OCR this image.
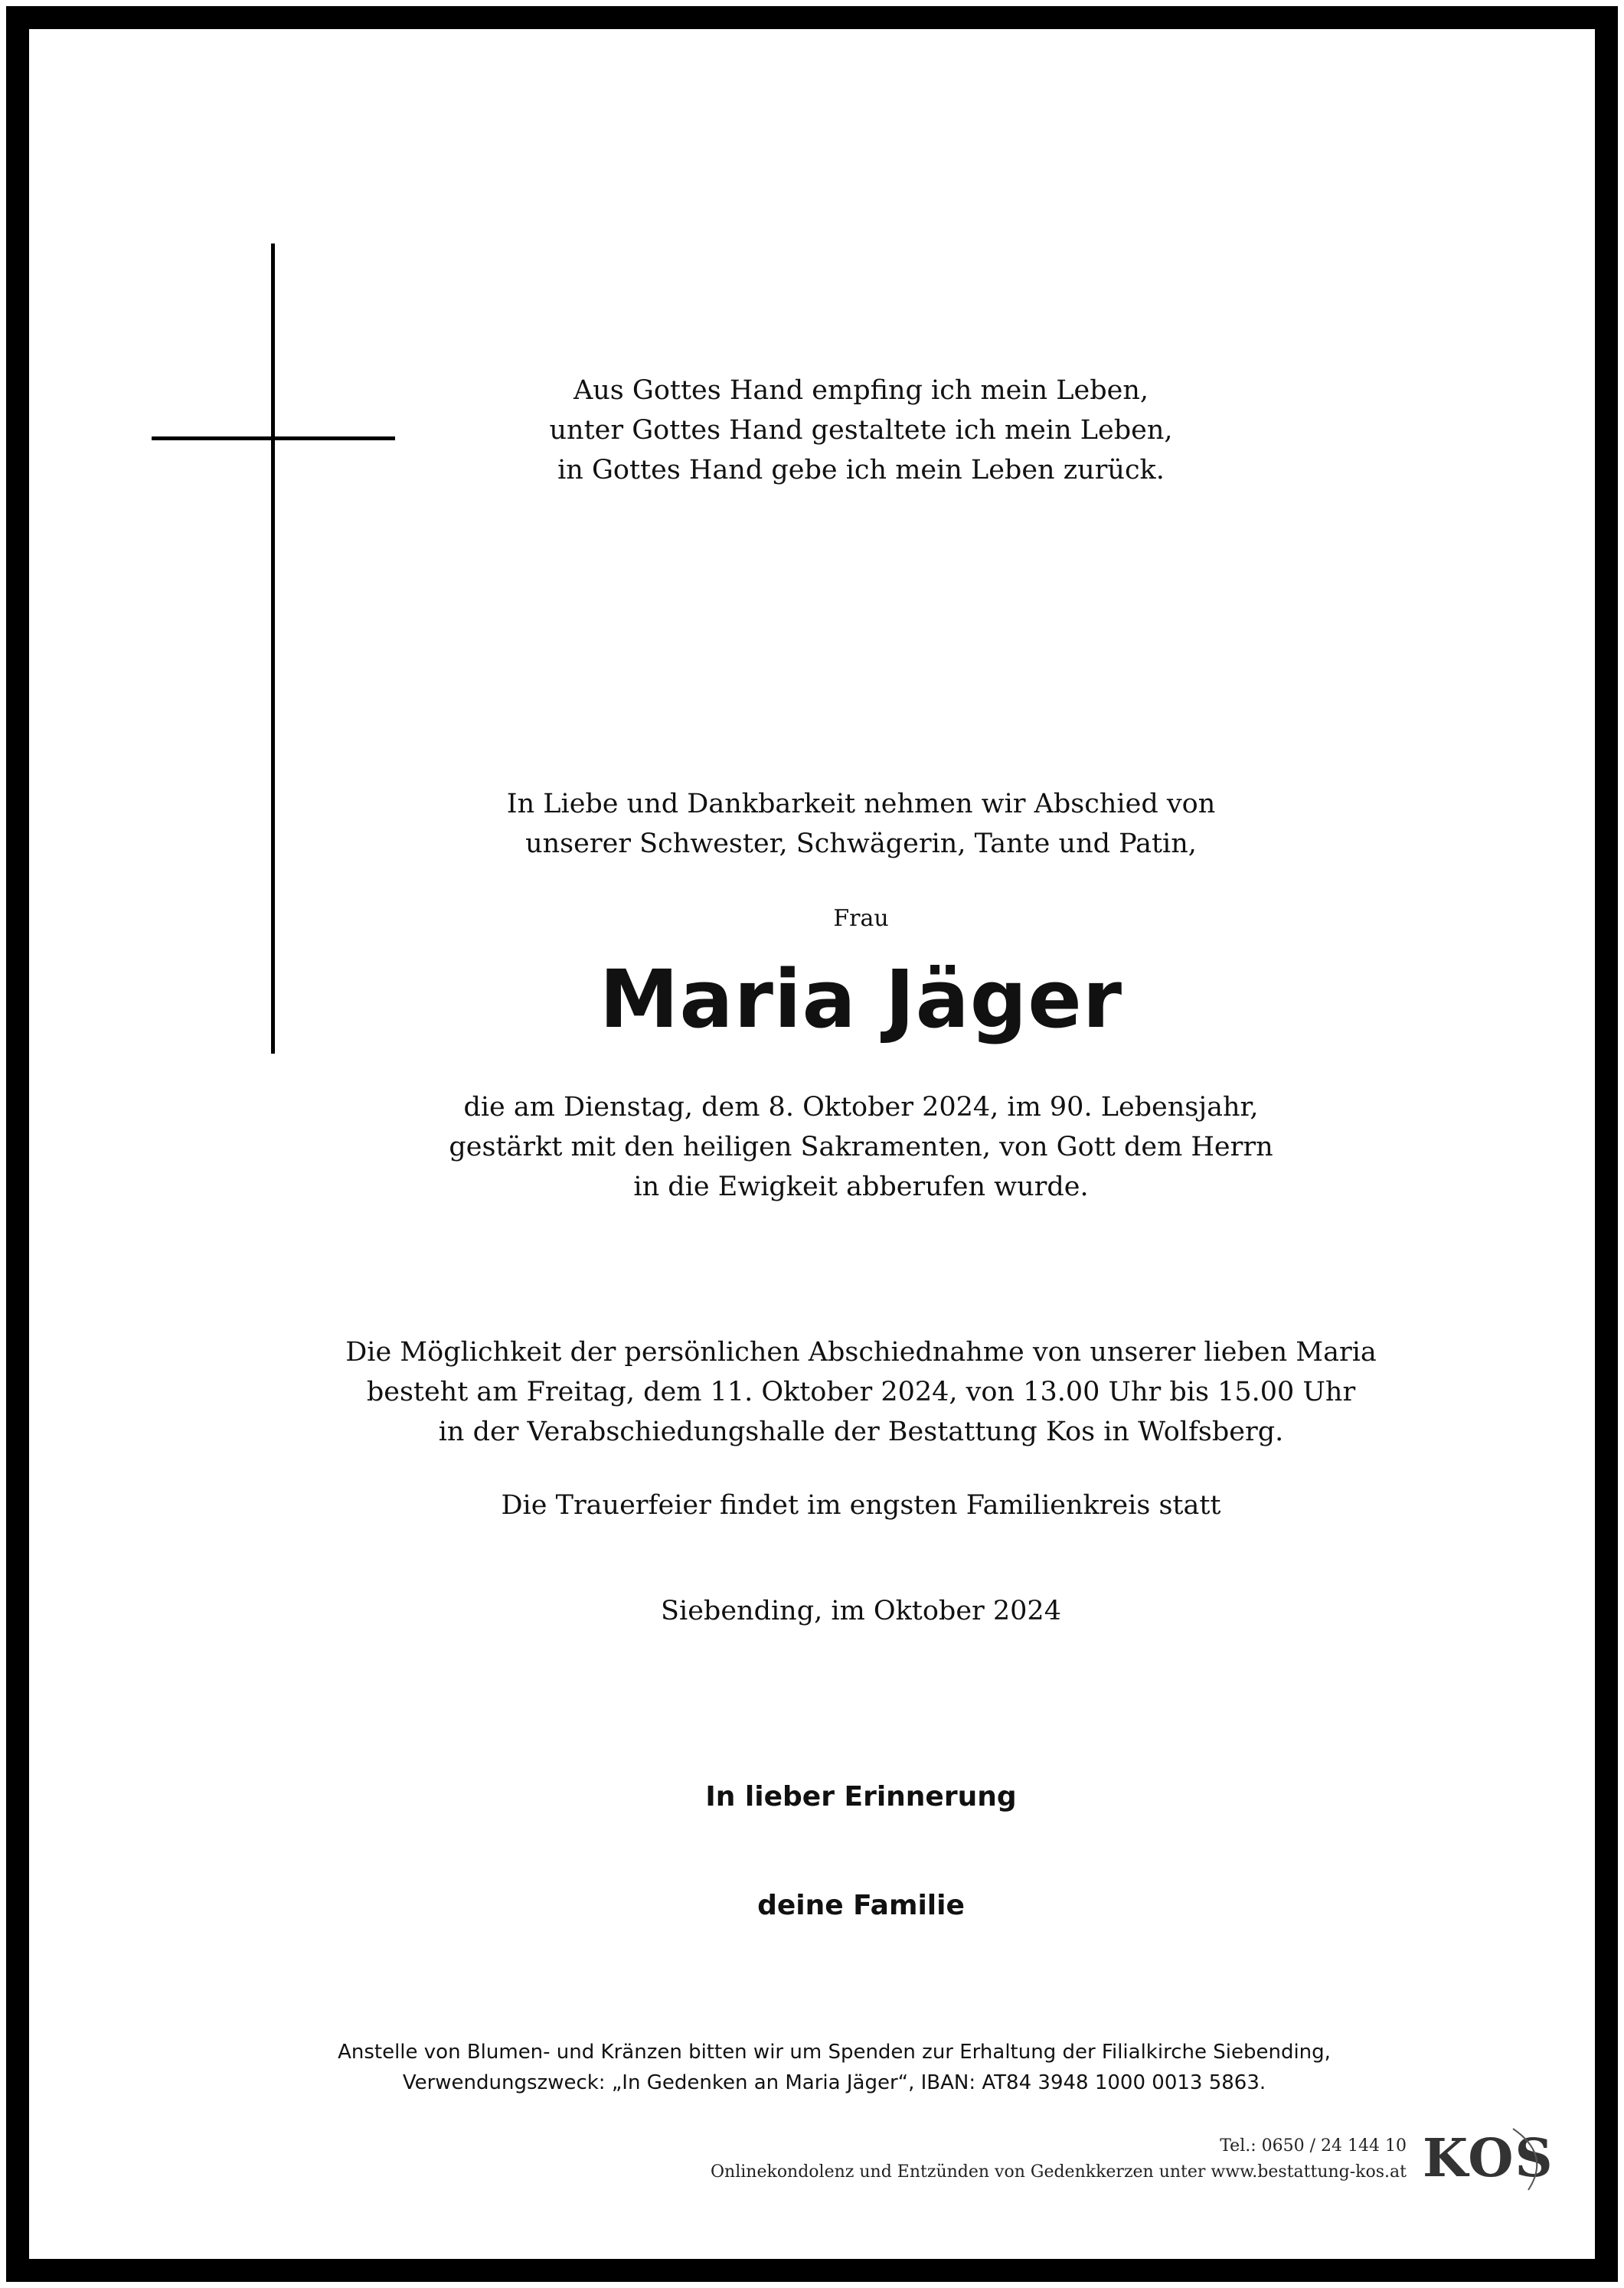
Aus Gottes Hand empfing ich mein Leben,
unter Gottes Hand gestaltete ich mein Leben,
in Gottes Hand gebe ich mein Leben zurück.
In Liebe und Dankbarkeit nehmen wir Abschied von
unserer Schwester, Schwägerin, Tante und Patin,
Frau
Maria Jäger
die am Dienstag, dem 8. Oktober 2024, im 90. Lebensjahr,
gestärkt mit den heiligen Sakramenten, von Gott dem Herrn
in die Ewigkeit abberufen wurde.
Die Möglichkeit der persönlichen Abschiednahme von unserer lieben Maria
besteht am Freitag, dem 11. Oktober 2024, von 13.00 Uhr bis 15.00 Uhr
in der Verabschiedungshalle der Bestattung Kos in Wolfsberg.
Die Trauerfeier findet im engsten Familienkreis statt
Siebending, im Oktober 2024
In lieber Erinnerung
deine Familie
Anstelle von Blumen- und Kränzen bitten wir um Spenden zur Erhaltung der Filialkirche Siebending,
Verwendungszweck: „In Gedenken an Maria Jäger“, IBAN: AT84 3948 1000 0013 5863.
Tel.: 0650 / 24 144 10
Onlinekondolenz und Entzünden von Gedenkkerzen unter www.bestattung-kos.at KOS
